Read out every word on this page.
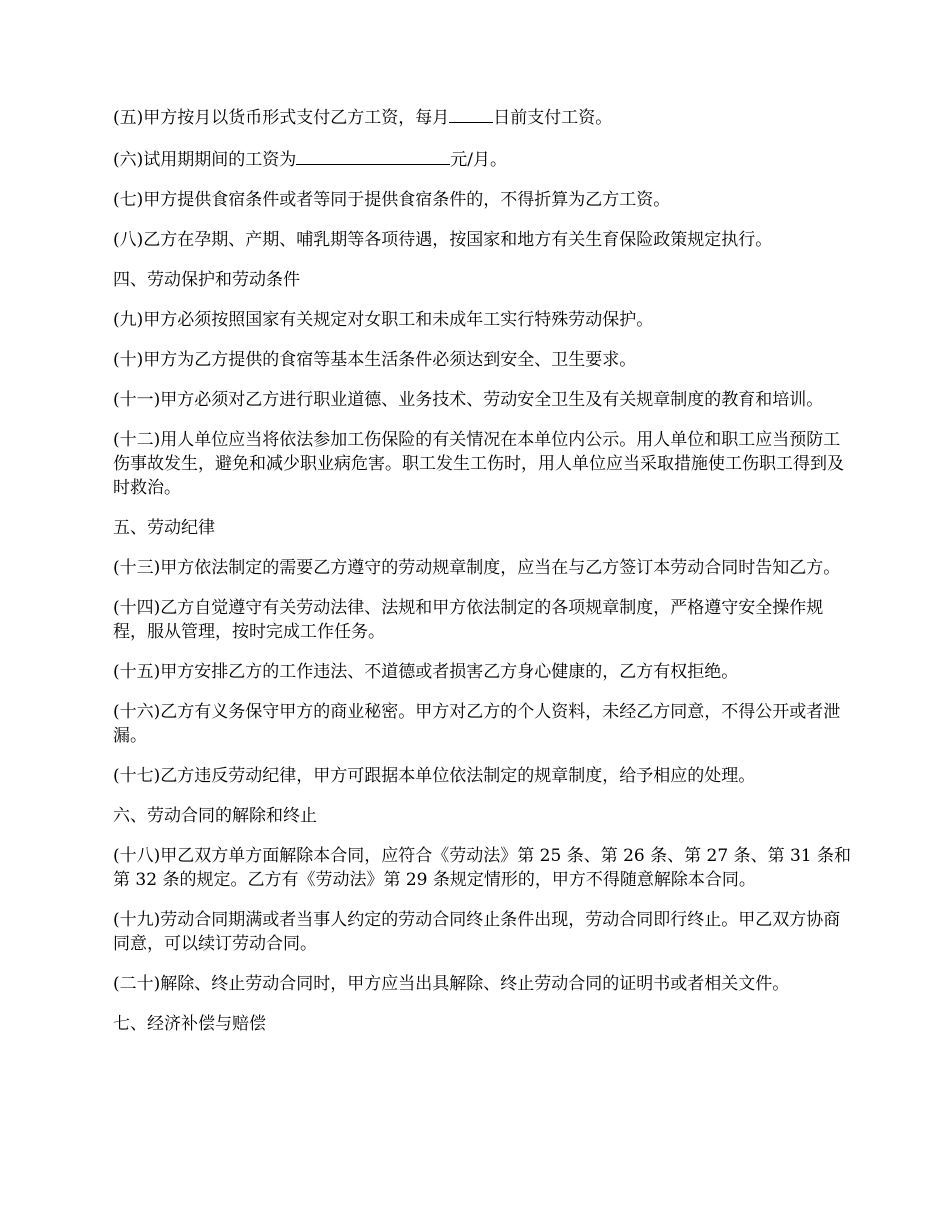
(五)甲方按月以货币形式支付乙方工资，每月	日前支付工资。

(六)试用期期间的工资为	元/月。

(七)甲方提供食宿条件或者等同于提供食宿条件的，不得折算为乙方工资。

(八)乙方在孕期、产期、哺乳期等各项待遇，按国家和地方有关生育保险政策规定执行。

四、劳动保护和劳动条件

(九)甲方必须按照国家有关规定对女职工和未成年工实行特殊劳动保护。

(十)甲方为乙方提供的食宿等基本生活条件必须达到安全、卫生要求。

(十一)甲方必须对乙方进行职业道德、业务技术、劳动安全卫生及有关规章制度的教育和培训。

(十二)用人单位应当将依法参加工伤保险的有关情况在本单位内公示。用人单位和职工应当预防工伤事故发生，避免和减少职业病危害。职工发生工伤时，用人单位应当采取措施使工伤职工得到及时救治。

五、劳动纪律

(十三)甲方依法制定的需要乙方遵守的劳动规章制度，应当在与乙方签订本劳动合同时告知乙方。

(十四)乙方自觉遵守有关劳动法律、法规和甲方依法制定的各项规章制度，严格遵守安全操作规程，服从管理，按时完成工作任务。

(十五)甲方安排乙方的工作违法、不道德或者损害乙方身心健康的，乙方有权拒绝。

(十六)乙方有义务保守甲方的商业秘密。甲方对乙方的个人资料，未经乙方同意，不得公开或者泄漏。

(十七)乙方违反劳动纪律，甲方可跟据本单位依法制定的规章制度，给予相应的处理。

六、劳动合同的解除和终止

(十八)甲乙双方单方面解除本合同，应符合《劳动法》第 25 条、第 26 条、第 27 条、第 31 条和第 32 条的规定。乙方有《劳动法》第 29 条规定情形的，甲方不得随意解除本合同。

(十九)劳动合同期满或者当事人约定的劳动合同终止条件出现，劳动合同即行终止。甲乙双方协商同意，可以续订劳动合同。

(二十)解除、终止劳动合同时，甲方应当出具解除、终止劳动合同的证明书或者相关文件。

七、经济补偿与赔偿
